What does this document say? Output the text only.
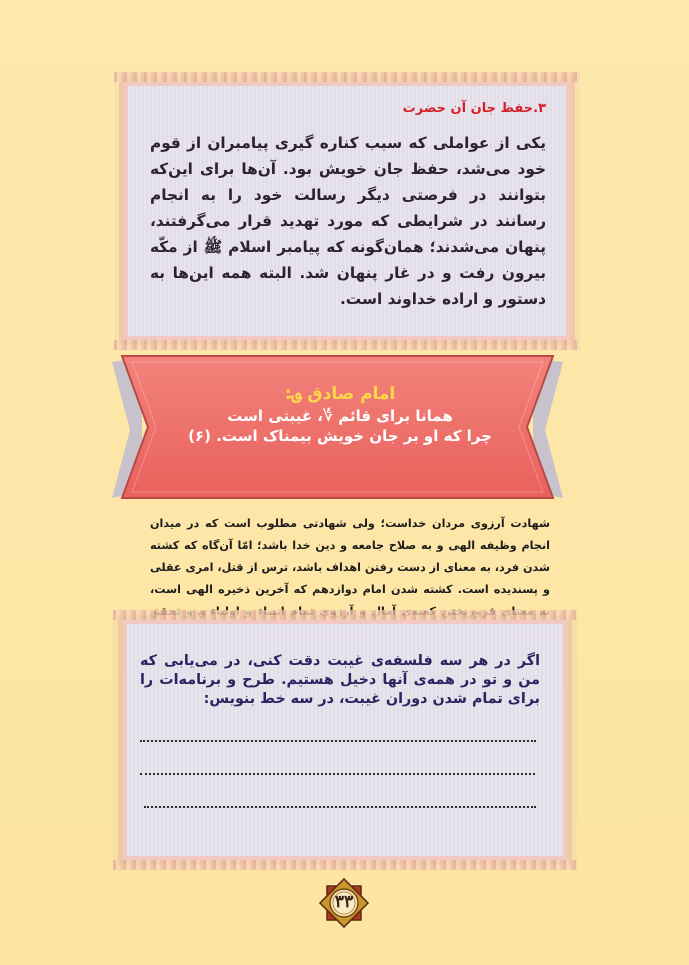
۳.حفظ جان آن حضرت
یکی از عواملی که سبب کناره گیری پیامبران از قوم خود می‌شد، حفظ جان خویش بود. آن‌ها برای این‌که بتوانند در فرصتی دیگر رسالت خود را به انجام رسانند در شرایطی که مورد تهدید قرار می‌گرفتند، پنهان می‌شدند؛ همان‌گونه که پیامبر اسلام ﷺ از مکّه بیرون رفت و در غار پنهان شد. البته همه این‌ها به دستور و اراده خداوند است.
امام صادق ؈:
همانا برای قائم ؇، غیبتی است
چرا که او بر جان خویش بیمناک است. (۶)
شهادت آرزوی مردان خداست؛ ولی شهادتی مطلوب است که در میدان انجام وظیفه الهی و به صلاح جامعه و دین خدا باشد؛ امّا آن‌گاه که کشته شدن فرد، به معنای از دست رفتن اهداف باشد، ترس از قتل، امری عقلی و پسندیده است. کشته شدن امام دوازدهم که آخرین ذخیره الهی است،
اگر در هر سه فلسفه‌ی غیبت دقت کنی، در می‌یابی که من و تو در همه‌ی آنها دخیل هستیم. طرح و برنامه‌ات را برای تمام شدن دوران غیبت، در سه خط بنویس:
۳۳
